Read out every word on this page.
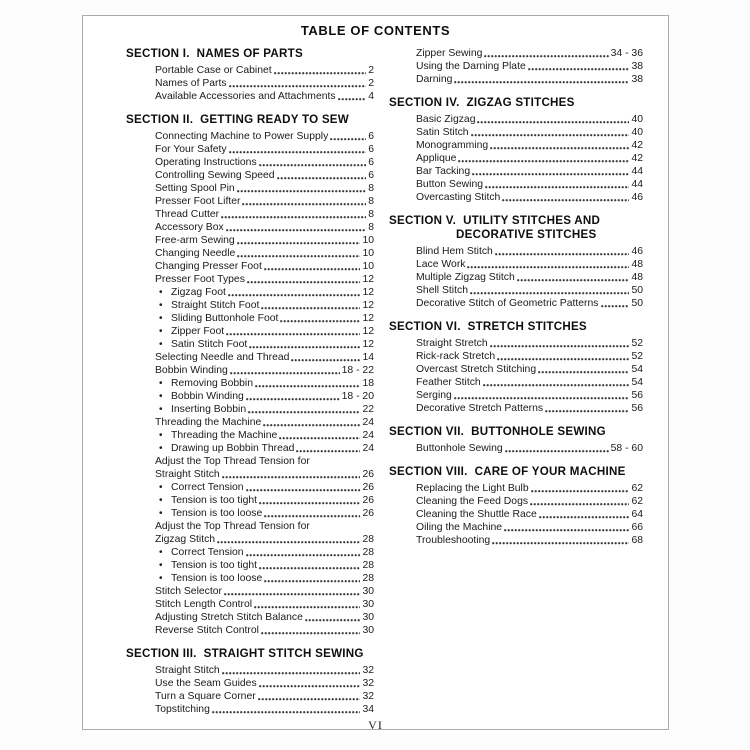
TABLE OF CONTENTS
SECTION I.  NAMES OF PARTS
Portable Case or Cabinet	2
Names of Parts	2
Available Accessories and Attachments	4
SECTION II.  GETTING READY TO SEW
Connecting Machine to Power Supply	6
For Your Safety	6
Operating Instructions	6
Controlling Sewing Speed	6
Setting Spool Pin	8
Presser Foot Lifter	8
Thread Cutter	8
Accessory Box	8
Free-arm Sewing	10
Changing Needle	10
Changing Presser Foot	10
Presser Foot Types	12
• Zigzag Foot	12
• Straight Stitch Foot	12
• Sliding Buttonhole Foot	12
• Zipper Foot	12
• Satin Stitch Foot	12
Selecting Needle and Thread	14
Bobbin Winding	18 - 22
• Removing Bobbin	18
• Bobbin Winding	18 - 20
• Inserting Bobbin	22
Threading the Machine	24
• Threading the Machine	24
• Drawing up Bobbin Thread	24
Adjust the Top Thread Tension for
Straight Stitch	26
• Correct Tension	26
• Tension is too tight	26
• Tension is too loose	26
Adjust the Top Thread Tension for
Zigzag Stitch	28
• Correct Tension	28
• Tension is too tight	28
• Tension is too loose	28
Stitch Selector	30
Stitch Length Control	30
Adjusting Stretch Stitch Balance	30
Reverse Stitch Control	30
SECTION III.  STRAIGHT STITCH SEWING
Straight Stitch	32
Use the Seam Guides	32
Turn a Square Corner	32
Topstitching	34
Zipper Sewing	34 - 36
Using the Darning Plate	38
Darning	38
SECTION IV.  ZIGZAG STITCHES
Basic Zigzag	40
Satin Stitch	40
Monogramming	42
Applique	42
Bar Tacking	44
Button Sewing	44
Overcasting Stitch	46
SECTION V.  UTILITY STITCHES AND
DECORATIVE STITCHES
Blind Hem Stitch	46
Lace Work	48
Multiple Zigzag Stitch	48
Shell Stitch	50
Decorative Stitch of Geometric Patterns	50
SECTION VI.  STRETCH STITCHES
Straight Stretch	52
Rick-rack Stretch	52
Overcast Stretch Stitching	54
Feather Stitch	54
Serging	56
Decorative Stretch Patterns	56
SECTION VII.  BUTTONHOLE SEWING
Buttonhole Sewing	58 - 60
SECTION VIII.  CARE OF YOUR MACHINE
Replacing the Light Bulb	62
Cleaning the Feed Dogs	62
Cleaning the Shuttle Race	64
Oiling the Machine	66
Troubleshooting	68
VI
